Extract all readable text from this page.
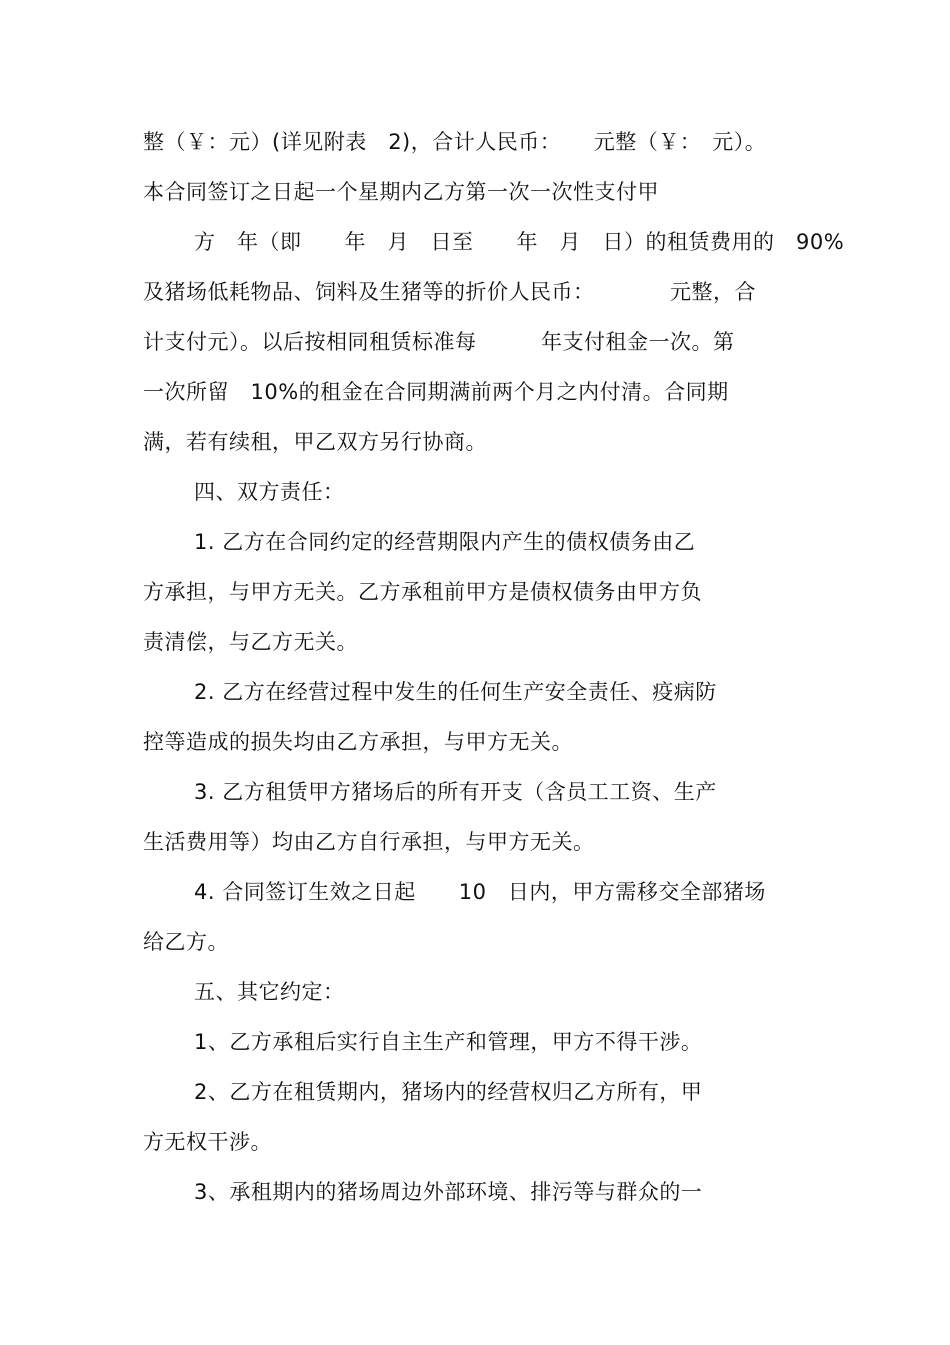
整（￥：元）(详见附表　2)，合计人民币：　　元整（￥：　元）。
本合同签订之日起一个星期内乙方第一次一次性支付甲
方　年（即　　年　月　日至　　年　月　日）的租赁费用的　90%
及猪场低耗物品、饲料及生猪等的折价人民币：　　　　元整，合
计支付元）。以后按相同租赁标准每　　　年支付租金一次。第
一次所留　10%的租金在合同期满前两个月之内付清。合同期
满，若有续租，甲乙双方另行协商。
四、双方责任：
1. 乙方在合同约定的经营期限内产生的债权债务由乙
方承担，与甲方无关。乙方承租前甲方是债权债务由甲方负
责清偿，与乙方无关。
2. 乙方在经营过程中发生的任何生产安全责任、疫病防
控等造成的损失均由乙方承担，与甲方无关。
3. 乙方租赁甲方猪场后的所有开支（含员工工资、生产
生活费用等）均由乙方自行承担，与甲方无关。
4. 合同签订生效之日起　　10　日内，甲方需移交全部猪场
给乙方。
五、其它约定：
1、乙方承租后实行自主生产和管理，甲方不得干涉。
2、乙方在租赁期内，猪场内的经营权归乙方所有，甲
方无权干涉。
3、承租期内的猪场周边外部环境、排污等与群众的一
